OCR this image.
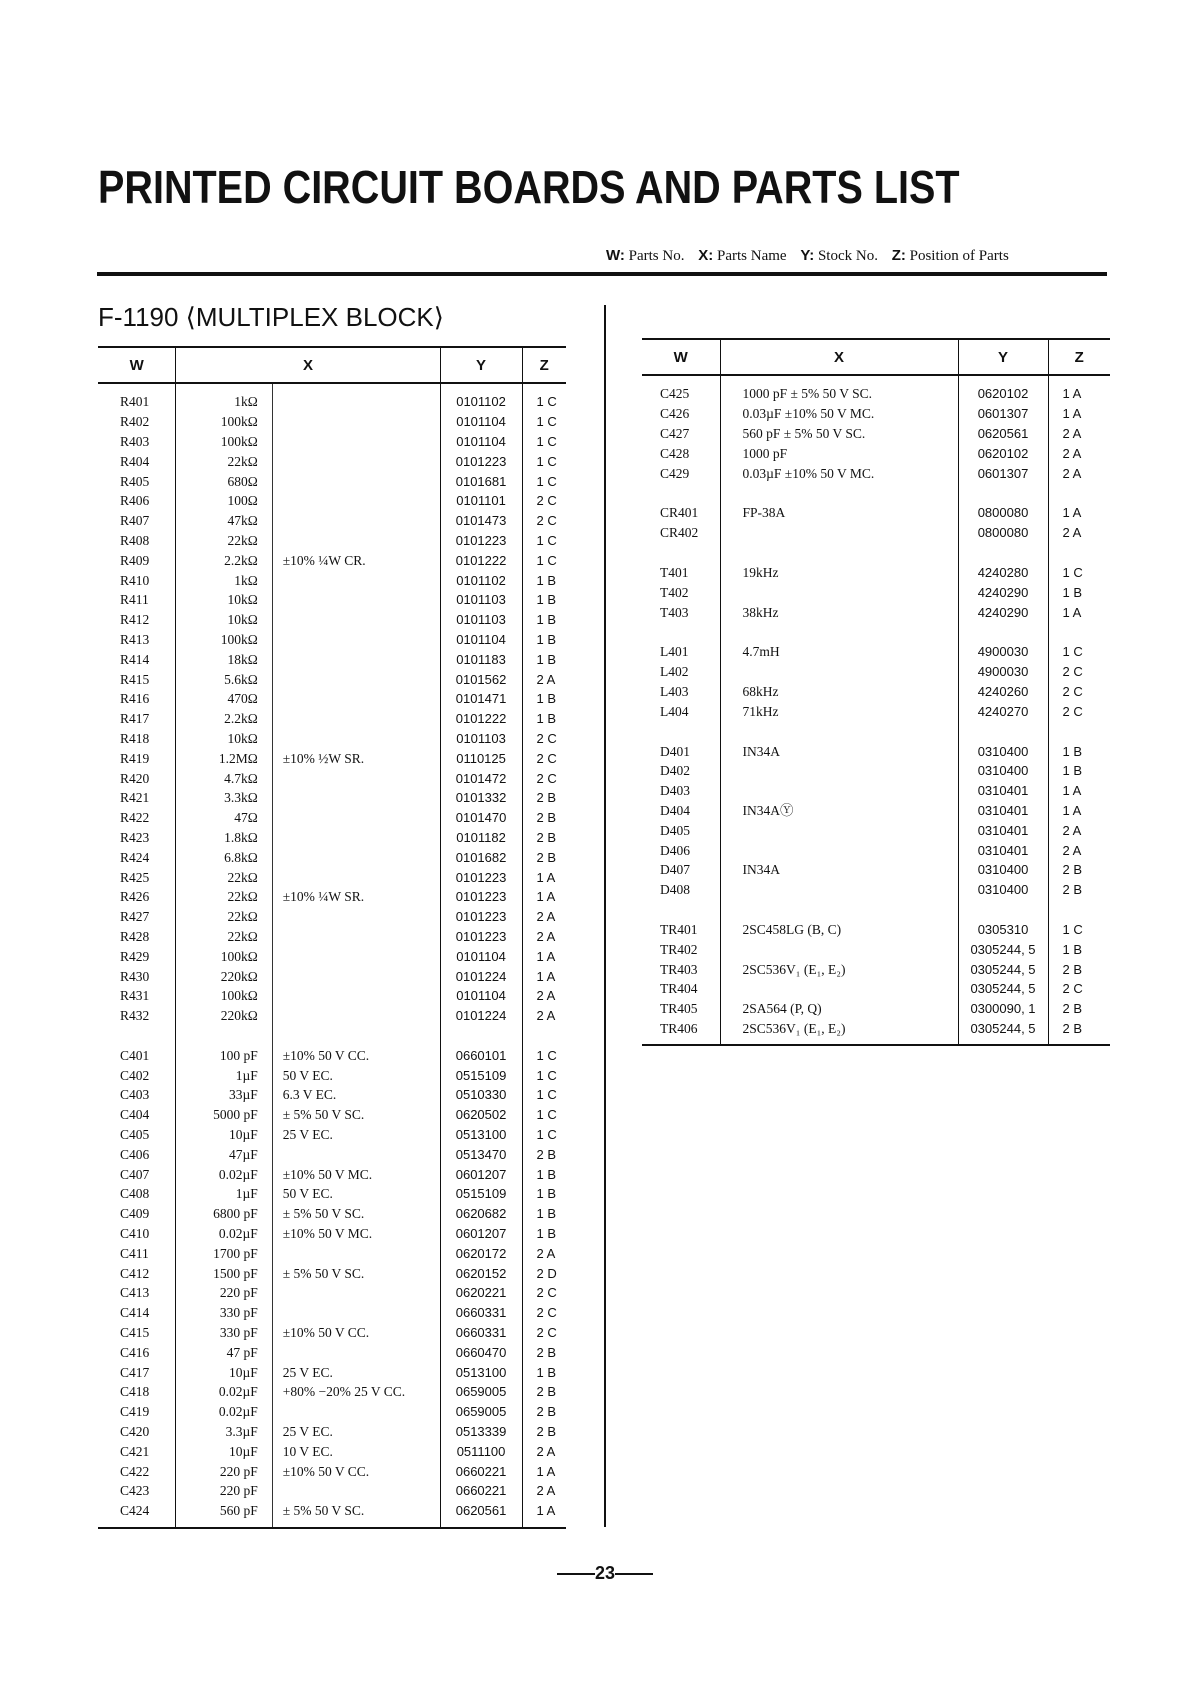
PRINTED CIRCUIT BOARDS AND PARTS LIST
W: Parts No. X: Parts Name Y: Stock No. Z: Position of Parts
F-1190 ⟨MULTIPLEX BLOCK⟩
W	X			Y	Z
R401	1kΩ			0101102	1 C
R402	100kΩ			0101104	1 C
R403	100kΩ			0101104	1 C
R404	22kΩ			0101223	1 C
R405	680Ω			0101681	1 C
R406	100Ω			0101101	2 C
R407	47kΩ			0101473	2 C
R408	22kΩ			0101223	1 C
R409	2.2kΩ		±10% ¼W CR.	0101222	1 C
R410	1kΩ			0101102	1 B
R411	10kΩ			0101103	1 B
R412	10kΩ			0101103	1 B
R413	100kΩ			0101104	1 B
R414	18kΩ			0101183	1 B
R415	5.6kΩ			0101562	2 A
R416	470Ω			0101471	1 B
R417	2.2kΩ			0101222	1 B
R418	10kΩ			0101103	2 C
R419	1.2MΩ		±10% ½W SR.	0110125	2 C
R420	4.7kΩ			0101472	2 C
R421	3.3kΩ			0101332	2 B
R422	47Ω			0101470	2 B
R423	1.8kΩ			0101182	2 B
R424	6.8kΩ			0101682	2 B
R425	22kΩ			0101223	1 A
R426	22kΩ		±10% ¼W SR.	0101223	1 A
R427	22kΩ			0101223	2 A
R428	22kΩ			0101223	2 A
R429	100kΩ			0101104	1 A
R430	220kΩ			0101224	1 A
R431	100kΩ			0101104	2 A
R432	220kΩ			0101224	2 A

C401	100 pF		±10% 50 V CC.	0660101	1 C
C402	1µF		50 V EC.	0515109	1 C
C403	33µF		6.3 V EC.	0510330	1 C
C404	5000 pF		± 5% 50 V SC.	0620502	1 C
C405	10µF		25 V EC.	0513100	1 C
C406	47µF			0513470	2 B
C407	0.02µF		±10% 50 V MC.	0601207	1 B
C408	1µF		50 V EC.	0515109	1 B
C409	6800 pF		± 5% 50 V SC.	0620682	1 B
C410	0.02µF		±10% 50 V MC.	0601207	1 B
C411	1700 pF			0620172	2 A
C412	1500 pF		± 5% 50 V SC.	0620152	2 D
C413	220 pF			0620221	2 C
C414	330 pF			0660331	2 C
C415	330 pF		±10% 50 V CC.	0660331	2 C
C416	47 pF			0660470	2 B
C417	10µF		25 V EC.	0513100	1 B
C418	0.02µF		+80% −20% 25 V CC.	0659005	2 B
C419	0.02µF			0659005	2 B
C420	3.3µF		25 V EC.	0513339	2 B
C421	10µF		10 V EC.	0511100	2 A
C422	220 pF		±10% 50 V CC.	0660221	1 A
C423	220 pF			0660221	2 A
C424	560 pF		± 5% 50 V SC.	0620561	1 A
W	X	Y	Z
C425	1000 pF ± 5% 50 V SC.	0620102	1 A
C426	0.03µF ±10% 50 V MC.	0601307	1 A
C427	560 pF ± 5% 50 V SC.	0620561	2 A
C428	1000 pF	0620102	2 A
C429	0.03µF ±10% 50 V MC.	0601307	2 A

CR401	FP-38A	0800080	1 A
CR402		0800080	2 A

T401	19kHz	4240280	1 C
T402		4240290	1 B
T403	38kHz	4240290	1 A

L401	4.7mH	4900030	1 C
L402		4900030	2 C
L403	68kHz	4240260	2 C
L404	71kHz	4240270	2 C

D401	IN34A	0310400	1 B
D402		0310400	1 B
D403		0310401	1 A
D404	IN34AⓎ	0310401	1 A
D405		0310401	2 A
D406		0310401	2 A
D407	IN34A	0310400	2 B
D408		0310400	2 B

TR401	2SC458LG (B, C)	0305310	1 C
TR402		0305244, 5	1 B
TR403	2SC536V₁ (E₁, E₂)	0305244, 5	2 B
TR404		0305244, 5	2 C
TR405	2SA564 (P, Q)	0300090, 1	2 B
TR406	2SC536V₁ (E₁, E₂)	0305244, 5	2 B
23
